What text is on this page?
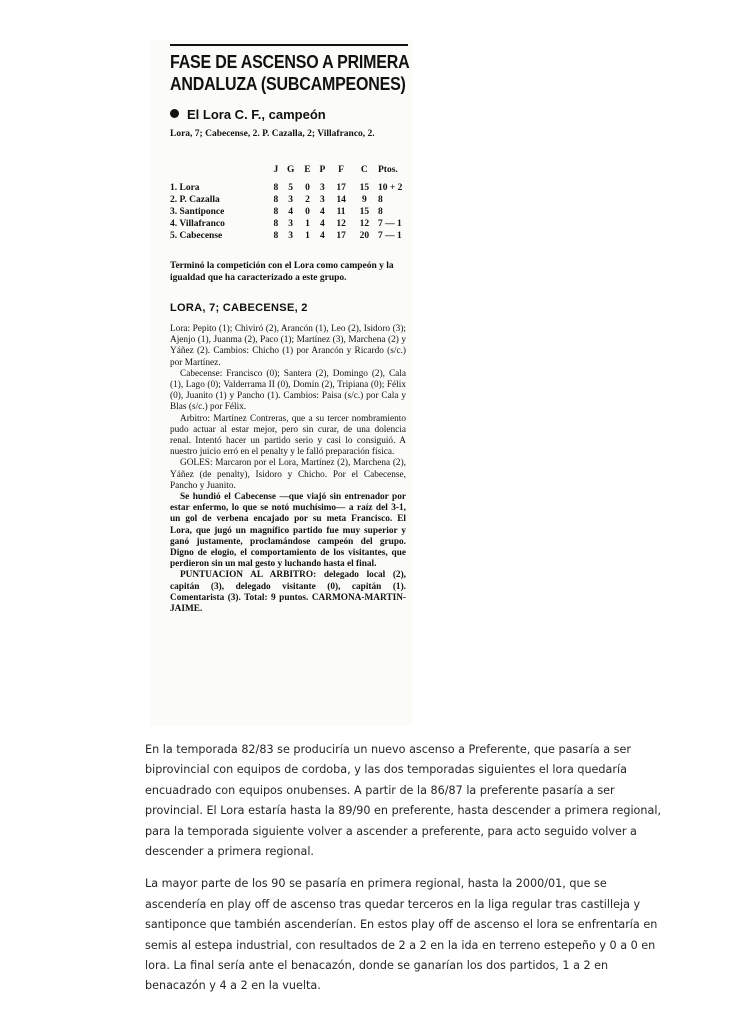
FASE DE ASCENSO A PRIMERA ANDALUZA (SUBCAMPEONES)
El Lora C. F., campeón
Lora, 7; Cabecense, 2. P. Cazalla, 2; Villafranco, 2.
	J	G	E	P	F	C	Ptos.

1. Lora	8	5	0	3	17	15	10 + 2
2. P. Cazalla	8	3	2	3	14	9	8
3. Santiponce	8	4	0	4	11	15	8
4. Villafranco	8	3	1	4	12	12	7 — 1
5. Cabecense	8	3	1	4	17	20	7 — 1
Terminó la competición con el Lora como campeón y la igualdad que ha caracterizado a este grupo.
LORA, 7; CABECENSE, 2

Lora: Pepito (1); Chiviró (2), Arancón (1), Leo (2), Isidoro (3); Ajenjo (1), Juanma (2), Paco (1); Martínez (3), Marchena (2) y Yáñez (2). Cambios: Chicho (1) por Arancón y Ricardo (s/c.) por Martínez.

Cabecense: Francisco (0); Santera (2), Domingo (2), Cala (1), Lago (0); Valderrama II (0), Domín (2), Tripiana (0); Félix (0), Juanito (1) y Pancho (1). Cambios: Paisa (s/c.) por Cala y Blas (s/c.) por Félix.

Arbitro: Martínez Contreras, que a su tercer nombramiento pudo actuar al estar mejor, pero sin curar, de una dolencia renal. Intentó hacer un partido serio y casi lo consiguió. A nuestro juicio erró en el penalty y le falló preparación física.

GOLES: Marcaron por el Lora, Martínez (2), Marchena (2), Yáñez (de penalty), Isidoro y Chicho. Por el Cabecense, Pancho y Juanito.

Se hundió el Cabecense —que viajó sin entrenador por estar enfermo, lo que se notó muchísimo— a raíz del 3-1, un gol de verbena encajado por su meta Francisco. El Lora, que jugó un magnífico partido fue muy superior y ganó justamente, proclamándose campeón del grupo. Digno de elogio, el comportamiento de los visitantes, que perdieron sin un mal gesto y luchando hasta el final.

PUNTUACION AL ARBITRO: delegado local (2), capitán (3), delegado visitante (0), capitán (1). Comentarista (3). Total: 9 puntos. CARMONA-MARTIN-JAIME.

En la temporada 82/83 se produciría un nuevo ascenso a Preferente, que pasaría a ser biprovincial con equipos de cordoba, y las dos temporadas siguientes el lora quedaría encuadrado con equipos onubenses. A partir de la 86/87 la preferente pasaría a ser provincial. El Lora estaría hasta la 89/90 en preferente, hasta descender a primera regional, para la temporada siguiente volver a ascender a preferente, para acto seguido volver a descender a primera regional.

La mayor parte de los 90 se pasaría en primera regional, hasta la 2000/01, que se ascendería en play off de ascenso tras quedar terceros en la liga regular tras castilleja y santiponce que también ascenderían. En estos play off de ascenso el lora se enfrentaría en semis al estepa industrial, con resultados de 2 a 2 en la ida en terreno estepeño y 0 a 0 en lora. La final sería ante el benacazón, donde se ganarían los dos partidos, 1 a 2 en benacazón y 4 a 2 en la vuelta.
